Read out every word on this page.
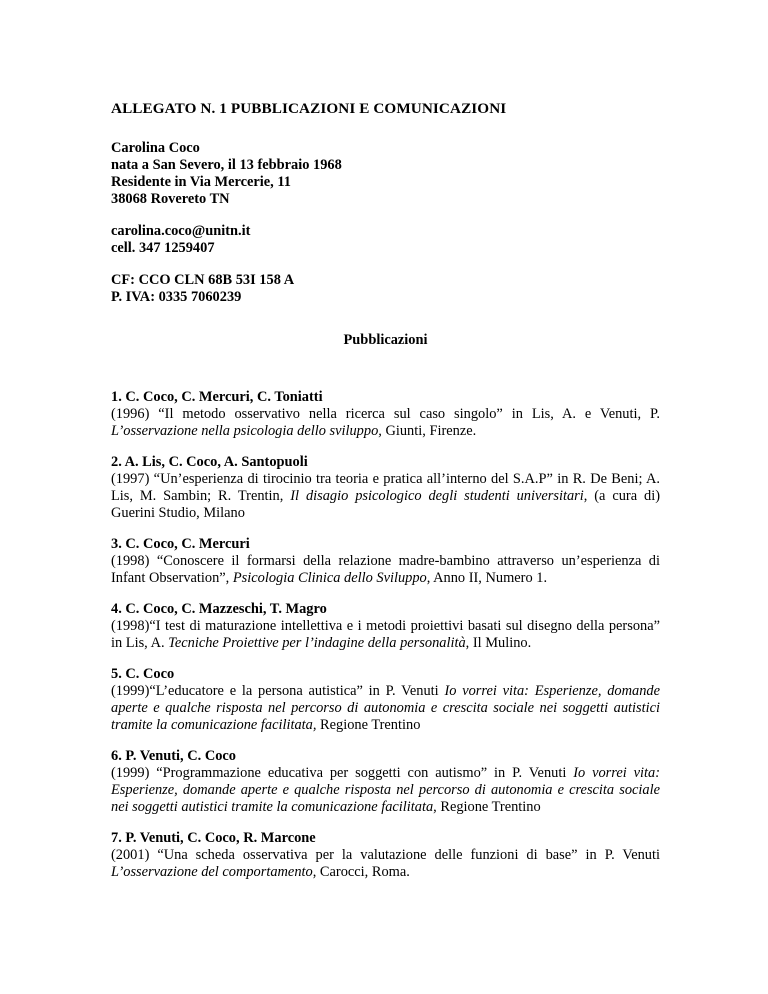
ALLEGATO N. 1 PUBBLICAZIONI E COMUNICAZIONI

Carolina Coco

nata a San Severo, il 13 febbraio 1968

Residente in Via Mercerie, 11

38068 Rovereto TN

carolina.coco@unitn.it

cell. 347 1259407

CF: CCO CLN 68B 53I 158 A

P. IVA: 0335 7060239

Pubblicazioni

1. C. Coco, C. Mercuri, C. Toniatti
(1996) “Il metodo osservativo nella ricerca sul caso singolo” in Lis, A. e Venuti, P. L’osservazione nella psicologia dello sviluppo, Giunti, Firenze.
2. A. Lis, C. Coco, A. Santopuoli
(1997) “Un’esperienza di tirocinio tra teoria e pratica all’interno del S.A.P” in R. De Beni; A. Lis, M. Sambin; R. Trentin, Il disagio psicologico degli studenti universitari, (a cura di) Guerini Studio, Milano
3. C. Coco, C. Mercuri
(1998) “Conoscere il formarsi della relazione madre-bambino attraverso un’esperienza di Infant Observation”, Psicologia Clinica dello Sviluppo, Anno II, Numero 1.
4. C. Coco, C. Mazzeschi, T. Magro
(1998)“I test di maturazione intellettiva e i metodi proiettivi basati sul disegno della persona” in Lis, A. Tecniche Proiettive per l’indagine della personalità, Il Mulino.
5. C. Coco
(1999)“L’educatore e la persona autistica” in P. Venuti Io vorrei vita: Esperienze, domande aperte e qualche risposta nel percorso di autonomia e crescita sociale nei soggetti autistici tramite la comunicazione facilitata, Regione Trentino
6. P. Venuti, C. Coco
(1999) “Programmazione educativa per soggetti con autismo” in P. Venuti Io vorrei vita: Esperienze, domande aperte e qualche risposta nel percorso di autonomia e crescita sociale nei soggetti autistici tramite la comunicazione facilitata, Regione Trentino
7. P. Venuti, C. Coco, R. Marcone
(2001) “Una scheda osservativa per la valutazione delle funzioni di base” in P. Venuti L’osservazione del comportamento, Carocci, Roma.
